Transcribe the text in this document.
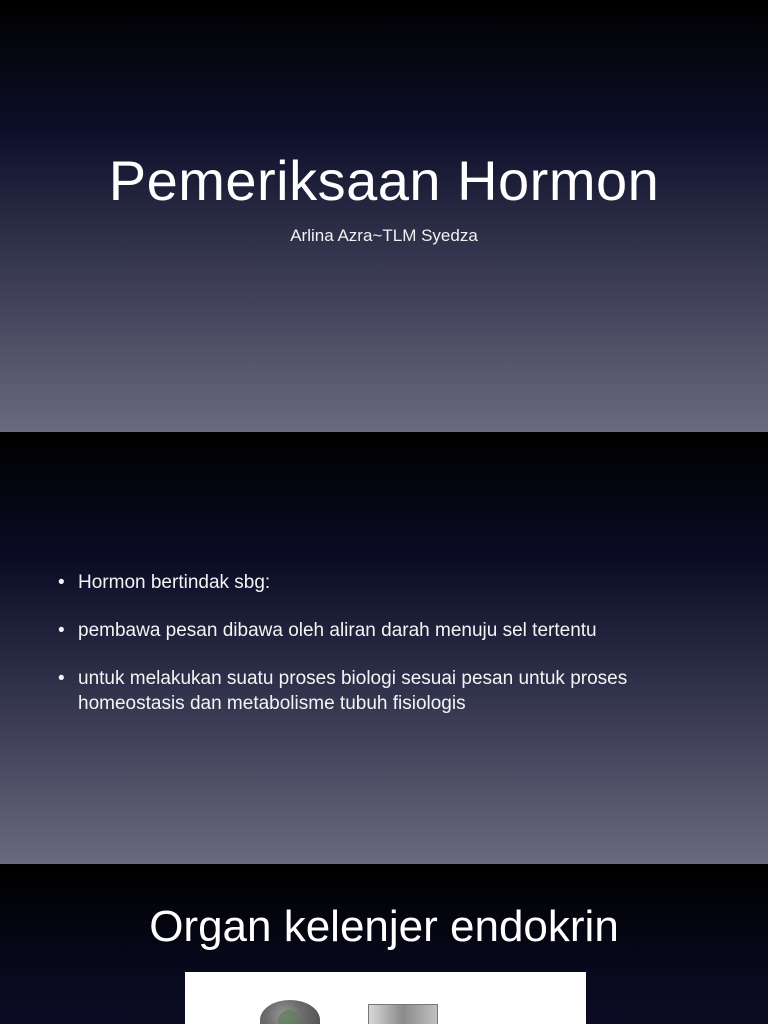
Pemeriksaan Hormon

Arlina Azra~TLM Syedza

• Hormon bertindak sbg:
• pembawa pesan dibawa oleh aliran darah menuju sel tertentu
• untuk melakukan suatu proses biologi sesuai pesan untuk proses homeostasis dan metabolisme tubuh fisiologis
Organ kelenjer endokrin
